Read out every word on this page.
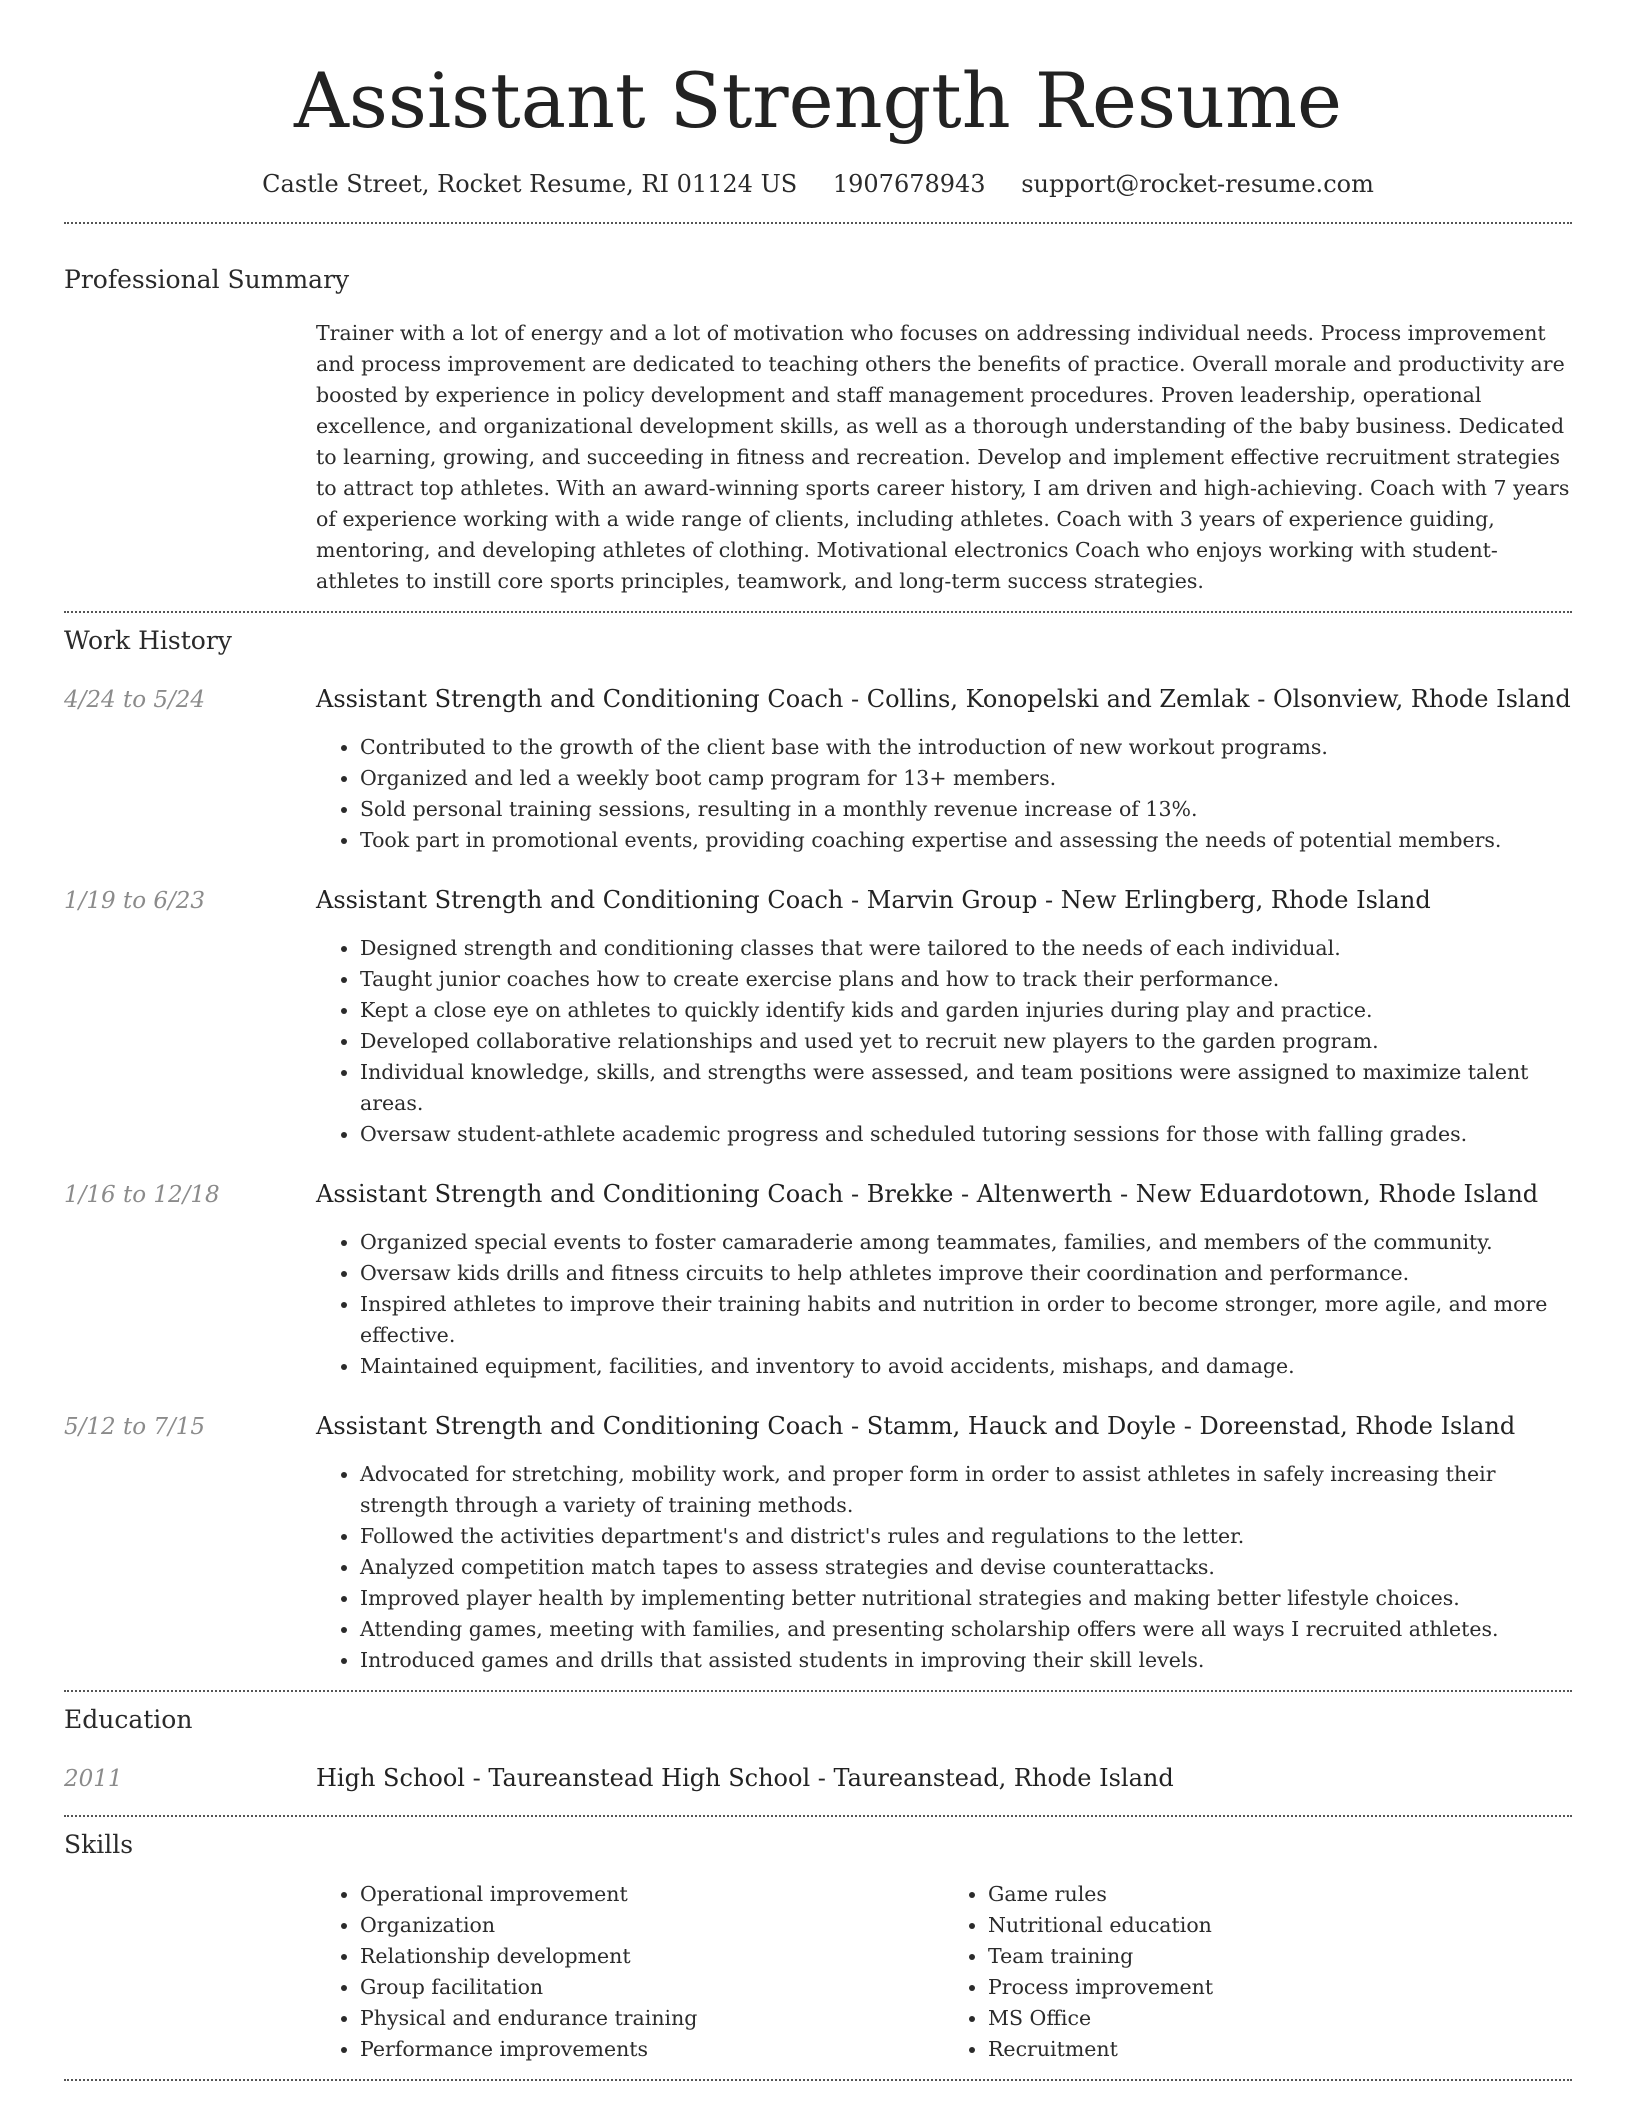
Assistant Strength Resume
Castle Street, Rocket Resume, RI 01124 US 1907678943 support@rocket-resume.com
Professional Summary
Trainer with a lot of energy and a lot of motivation who focuses on addressing individual needs. Process improvement and process improvement are dedicated to teaching others the benefits of practice. Overall morale and productivity are boosted by experience in policy development and staff management procedures. Proven leadership, operational excellence, and organizational development skills, as well as a thorough understanding of the baby business. Dedicated to learning, growing, and succeeding in fitness and recreation. Develop and implement effective recruitment strategies to attract top athletes. With an award-winning sports career history, I am driven and high-achieving. Coach with 7 years of experience working with a wide range of clients, including athletes. Coach with 3 years of experience guiding, mentoring, and developing athletes of clothing. Motivational electronics Coach who enjoys working with student-athletes to instill core sports principles, teamwork, and long-term success strategies.
Work History
4/24 to 5/24	Assistant Strength and Conditioning Coach - Collins, Konopelski and Zemlak - Olsonview, Rhode Island
• Contributed to the growth of the client base with the introduction of new workout programs.
• Organized and led a weekly boot camp program for 13+ members.
• Sold personal training sessions, resulting in a monthly revenue increase of 13%.
• Took part in promotional events, providing coaching expertise and assessing the needs of potential members.
1/19 to 6/23	Assistant Strength and Conditioning Coach - Marvin Group - New Erlingberg, Rhode Island
• Designed strength and conditioning classes that were tailored to the needs of each individual.
• Taught junior coaches how to create exercise plans and how to track their performance.
• Kept a close eye on athletes to quickly identify kids and garden injuries during play and practice.
• Developed collaborative relationships and used yet to recruit new players to the garden program.
• Individual knowledge, skills, and strengths were assessed, and team positions were assigned to maximize talent areas.
• Oversaw student-athlete academic progress and scheduled tutoring sessions for those with falling grades.
1/16 to 12/18	Assistant Strength and Conditioning Coach - Brekke - Altenwerth - New Eduardotown, Rhode Island
• Organized special events to foster camaraderie among teammates, families, and members of the community.
• Oversaw kids drills and fitness circuits to help athletes improve their coordination and performance.
• Inspired athletes to improve their training habits and nutrition in order to become stronger, more agile, and more effective.
• Maintained equipment, facilities, and inventory to avoid accidents, mishaps, and damage.
5/12 to 7/15	Assistant Strength and Conditioning Coach - Stamm, Hauck and Doyle - Doreenstad, Rhode Island
• Advocated for stretching, mobility work, and proper form in order to assist athletes in safely increasing their strength through a variety of training methods.
• Followed the activities department's and district's rules and regulations to the letter.
• Analyzed competition match tapes to assess strategies and devise counterattacks.
• Improved player health by implementing better nutritional strategies and making better lifestyle choices.
• Attending games, meeting with families, and presenting scholarship offers were all ways I recruited athletes.
• Introduced games and drills that assisted students in improving their skill levels.
Education
2011	High School - Taureanstead High School - Taureanstead, Rhode Island
Skills
• Operational improvement
• Organization
• Relationship development
• Group facilitation
• Physical and endurance training
• Performance improvements
• Game rules
• Nutritional education
• Team training
• Process improvement
• MS Office
• Recruitment
